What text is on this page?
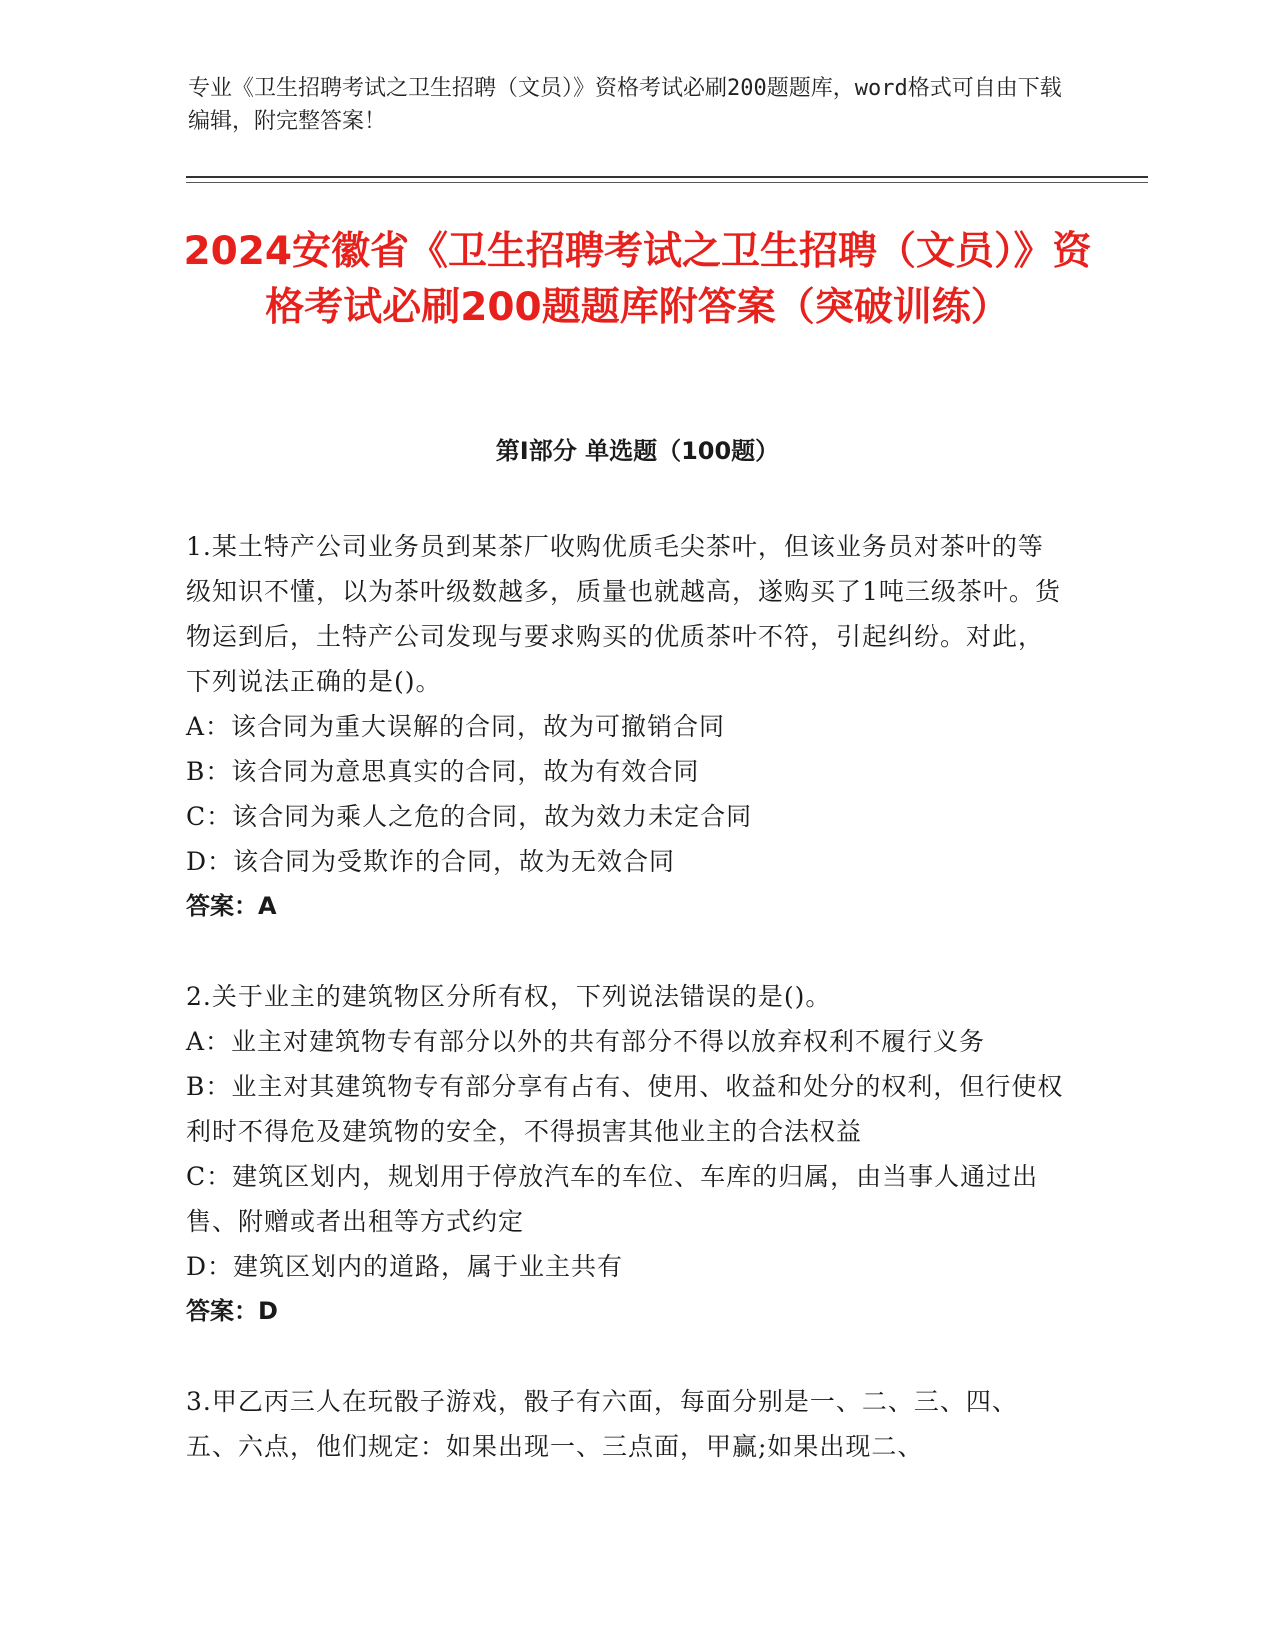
专业《卫生招聘考试之卫生招聘（文员）》资格考试必刷200题题库，word格式可自由下载编辑，附完整答案！
2024安徽省《卫生招聘考试之卫生招聘（文员）》资格考试必刷200题题库附答案（突破训练）
第I部分 单选题（100题）

1.某土特产公司业务员到某茶厂收购优质毛尖茶叶，但该业务员对茶叶的等级知识不懂，以为茶叶级数越多，质量也就越高，遂购买了1吨三级茶叶。货物运到后，土特产公司发现与要求购买的优质茶叶不符，引起纠纷。对此，下列说法正确的是()。

A：该合同为重大误解的合同，故为可撤销合同

B：该合同为意思真实的合同，故为有效合同

C：该合同为乘人之危的合同，故为效力未定合同

D：该合同为受欺诈的合同，故为无效合同

答案：A

2.关于业主的建筑物区分所有权，下列说法错误的是()。

A：业主对建筑物专有部分以外的共有部分不得以放弃权利不履行义务

B：业主对其建筑物专有部分享有占有、使用、收益和处分的权利，但行使权利时不得危及建筑物的安全，不得损害其他业主的合法权益

C：建筑区划内，规划用于停放汽车的车位、车库的归属，由当事人通过出售、附赠或者出租等方式约定

D：建筑区划内的道路，属于业主共有

答案：D

3.甲乙丙三人在玩骰子游戏，骰子有六面，每面分别是一、二、三、四、五、六点，他们规定：如果出现一、三点面，甲赢;如果出现二、
